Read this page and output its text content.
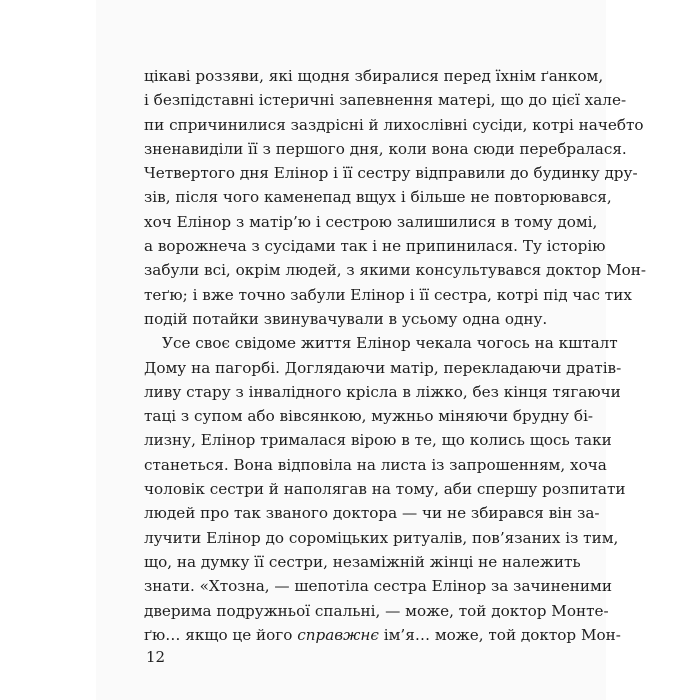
цікаві роззяви, які щодня збиралися перед їхнім ґанком,
і безпідставні істеричні запевнення матері, що до цієї хале-
пи спричинилися заздрісні й лихослівні сусіди, котрі начебто
зненавиділи її з першого дня, коли вона сюди перебралася.
Четвертого дня Елінор і її сестру відправили до будинку дру-
зів, після чого каменепад вщух і більше не повторювався,
хоч Елінор з матір’ю і сестрою залишилися в тому домі,
а ворожнеча з сусідами так і не припинилася. Ту історію
забули всі, окрім людей, з якими консультувався доктор Мон-
теґю; і вже точно забули Елінор і її сестра, котрі під час тих
подій потайки звинувачували в усьому одна одну.
Усе своє свідоме життя Елінор чекала чогось на кшталт
Дому на пагорбі. Доглядаючи матір, перекладаючи дратів-
ливу стару з інвалідного крісла в ліжко, без кінця тягаючи
таці з супом або вівсянкою, мужньо міняючи брудну бі-
лизну, Елінор трималася вірою в те, що колись щось таки
станеться. Вона відповіла на листа із запрошенням, хоча
чоловік сестри й наполягав на тому, аби спершу розпитати
людей про так званого доктора — чи не збирався він за-
лучити Елінор до сороміцьких ритуалів, пов’язаних із тим,
що, на думку її сестри, незаміжній жінці не належить
знати. «Хтозна, — шепотіла сестра Елінор за зачиненими
дверима подружньої спальні, — може, той доктор Монте-
ґю… якщо це його справжнє ім’я… може, той доктор Мон-
12
